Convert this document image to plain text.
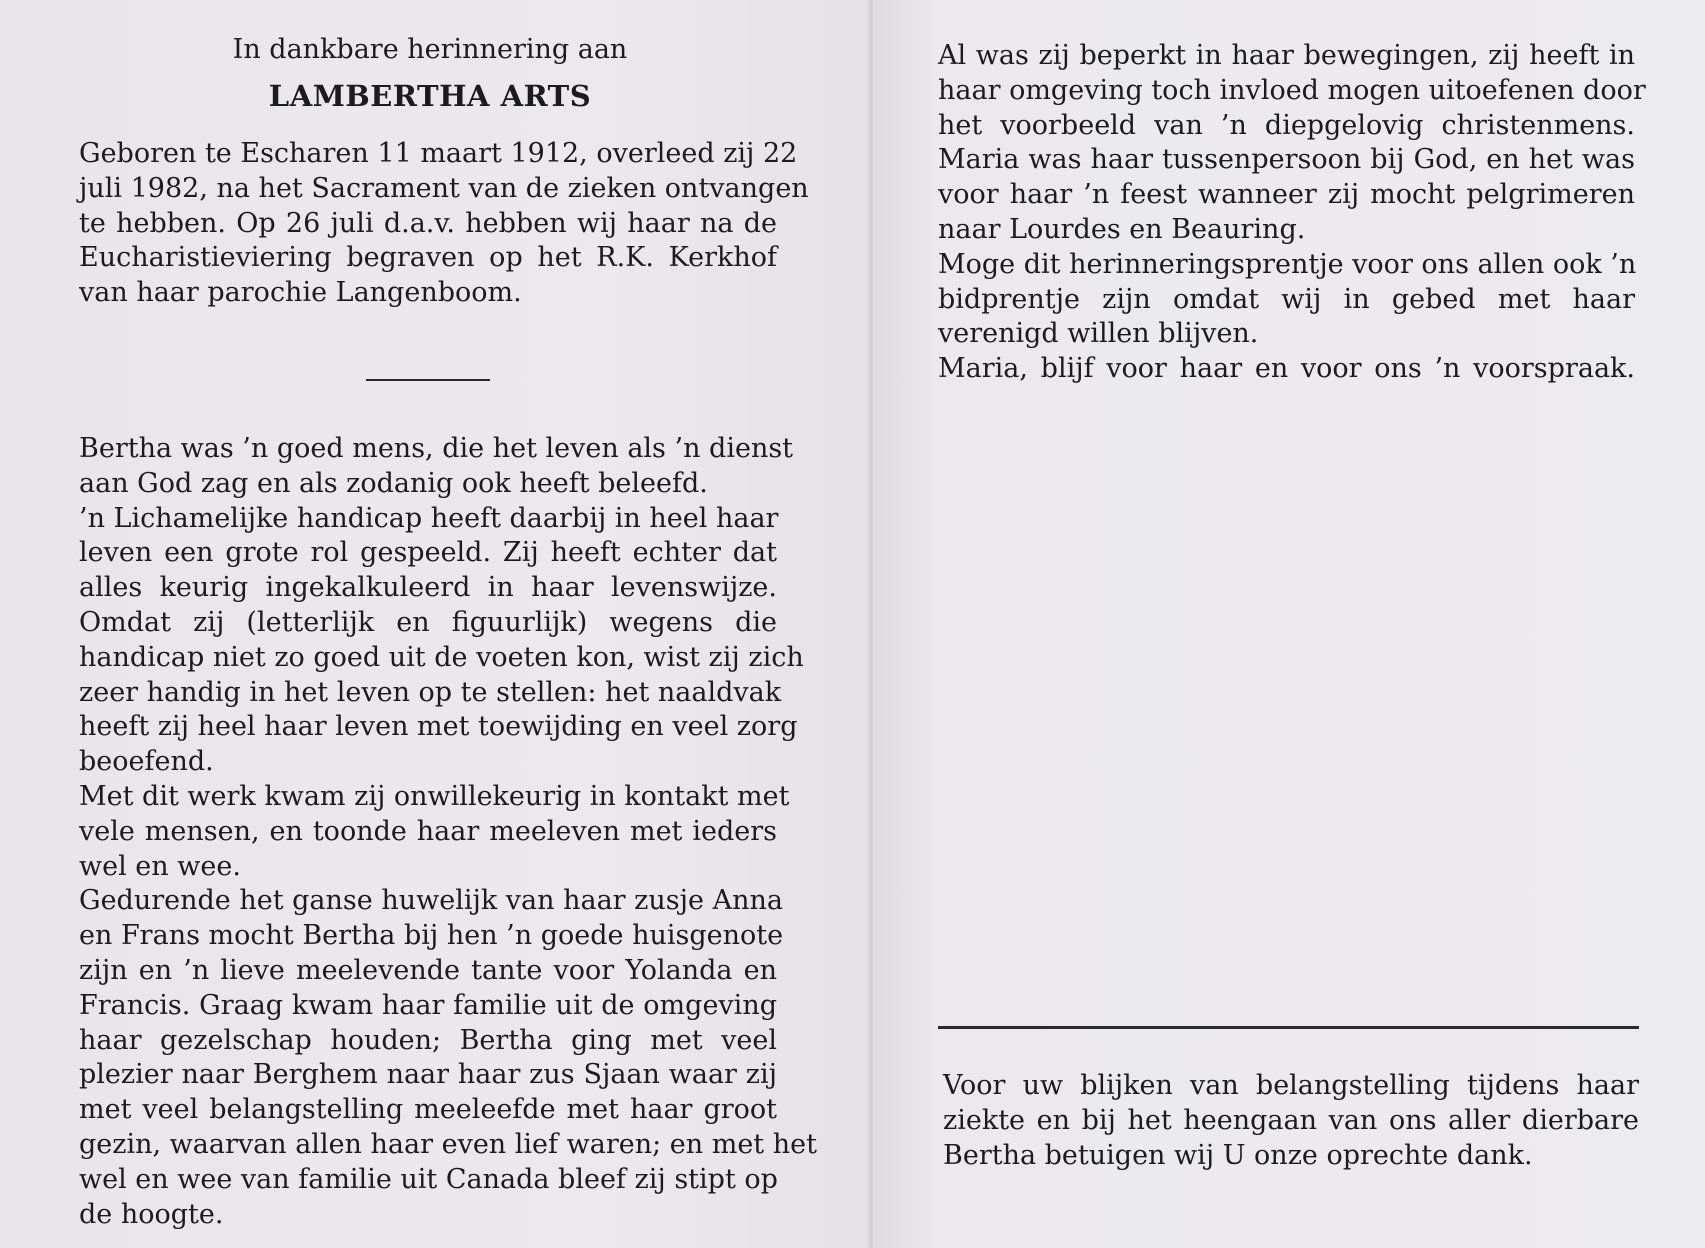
In dankbare herinnering aan
LAMBERTHA ARTS
Geboren te Escharen 11 maart 1912, overleed zij 22
juli 1982, na het Sacrament van de zieken ontvangen
te hebben. Op 26 juli d.a.v. hebben wij haar na de
Eucharistieviering begraven op het R.K. Kerkhof
van haar parochie Langenboom.
Bertha was ’n goed mens, die het leven als ’n dienst
aan God zag en als zodanig ook heeft beleefd.
’n Lichamelijke handicap heeft daarbij in heel haar
leven een grote rol gespeeld. Zij heeft echter dat
alles keurig ingekalkuleerd in haar levenswijze.
Omdat zij (letterlijk en figuurlijk) wegens die
handicap niet zo goed uit de voeten kon, wist zij zich
zeer handig in het leven op te stellen: het naaldvak
heeft zij heel haar leven met toewijding en veel zorg
beoefend.
Met dit werk kwam zij onwillekeurig in kontakt met
vele mensen, en toonde haar meeleven met ieders
wel en wee.
Gedurende het ganse huwelijk van haar zusje Anna
en Frans mocht Bertha bij hen ’n goede huisgenote
zijn en ’n lieve meelevende tante voor Yolanda en
Francis. Graag kwam haar familie uit de omgeving
haar gezelschap houden; Bertha ging met veel
plezier naar Berghem naar haar zus Sjaan waar zij
met veel belangstelling meeleefde met haar groot
gezin, waarvan allen haar even lief waren; en met het
wel en wee van familie uit Canada bleef zij stipt op
de hoogte.
Al was zij beperkt in haar bewegingen, zij heeft in
haar omgeving toch invloed mogen uitoefenen door
het voorbeeld van ’n diepgelovig christenmens.
Maria was haar tussenpersoon bij God, en het was
voor haar ’n feest wanneer zij mocht pelgrimeren
naar Lourdes en Beauring.
Moge dit herinneringsprentje voor ons allen ook ’n
bidprentje zijn omdat wij in gebed met haar
verenigd willen blijven.
Maria, blijf voor haar en voor ons ’n voorspraak.
Voor uw blijken van belangstelling tijdens haar
ziekte en bij het heengaan van ons aller dierbare
Bertha betuigen wij U onze oprechte dank.
